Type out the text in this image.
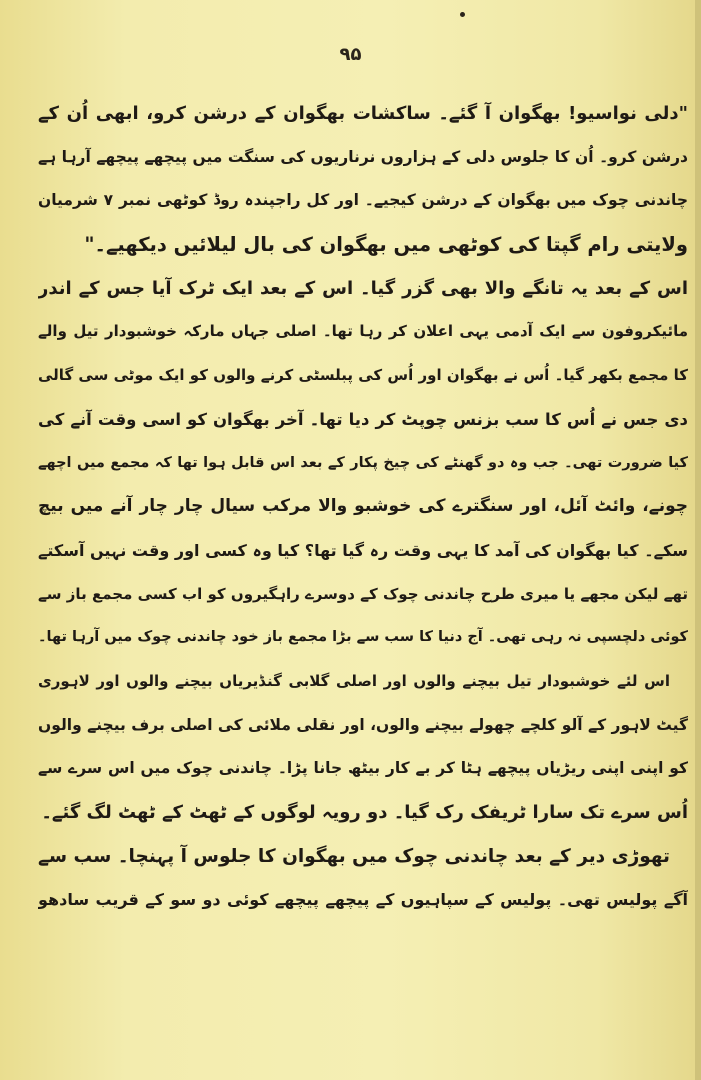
۹۵
"دلی نواسیو! بھگوان آ گئے۔ ساکشات بھگوان کے درشن کرو، ابھی اُن کے
درشن کرو۔ اُن کا جلوس دلی کے ہزاروں نرناریوں کی سنگت میں پیچھے پیچھے آرہا ہے
چاندنی چوک میں بھگوان کے درشن کیجیے۔ اور کل راجپندہ روڈ کوٹھی نمبر ۷ شرمیان
ولایتی رام گپتا کی کوٹھی میں بھگوان کی بال لیلائیں دیکھیے۔"
اس کے بعد یہ تانگے والا بھی گزر گیا۔ اس کے بعد ایک ٹرک آیا جس کے اندر
مائیکروفون سے ایک آدمی یہی اعلان کر رہا تھا۔ اصلی جہاں مارکہ خوشبودار تیل والے
کا مجمع بکھر گیا۔ اُس نے بھگوان اور اُس کی پبلسٹی کرنے والوں کو ایک موٹی سی گالی
دی جس نے اُس کا سب بزنس چوپٹ کر دیا تھا۔ آخر بھگوان کو اسی وقت آنے کی
کیا ضرورت تھی۔ جب وہ دو گھنٹے کی چیخ پکار کے بعد اس قابل ہوا تھا کہ مجمع میں اچھے
چونے، وائٹ آئل، اور سنگترے کی خوشبو والا مرکب سیال چار چار آنے میں بیچ
سکے۔ کیا بھگوان کی آمد کا یہی وقت رہ گیا تھا؟ کیا وہ کسی اور وقت نہیں آسکتے
تھے لیکن مجھے یا میری طرح چاندنی چوک کے دوسرے راہگیروں کو اب کسی مجمع باز سے
کوئی دلچسپی نہ رہی تھی۔ آج دنیا کا سب سے بڑا مجمع باز خود چاندنی چوک میں آرہا تھا۔
اس لئے خوشبودار تیل بیچنے والوں اور اصلی گلابی گنڈیریاں بیچنے والوں اور لاہوری
گیٹ لاہور کے آلو کلچے چھولے بیچنے والوں، اور نقلی ملائی کی اصلی برف بیچنے والوں
کو اپنی اپنی ریڑیاں پیچھے ہٹا کر بے کار بیٹھ جانا پڑا۔ چاندنی چوک میں اس سرے سے
اُس سرے تک سارا ٹریفک رک گیا۔ دو رویہ لوگوں کے ٹھٹ کے ٹھٹ لگ گئے۔
تھوڑی دیر کے بعد چاندنی چوک میں بھگوان کا جلوس آ پہنچا۔ سب سے
آگے پولیس تھی۔ پولیس کے سپاہیوں کے پیچھے پیچھے کوئی دو سو کے قریب سادھو
